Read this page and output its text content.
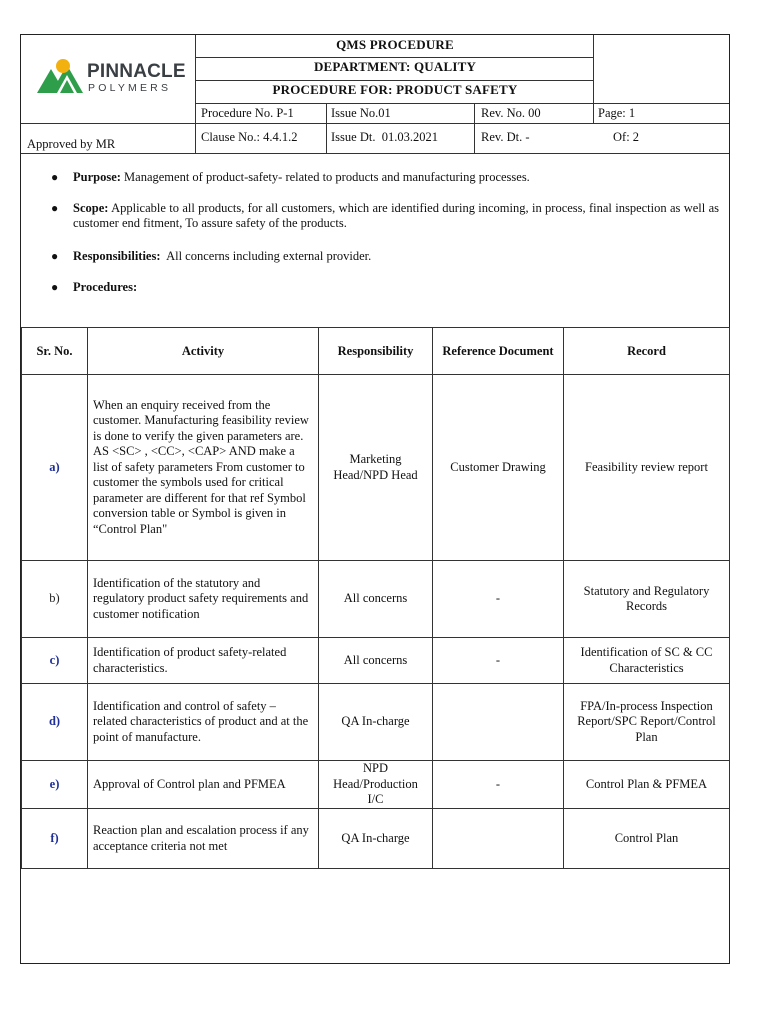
PINNACLE
POLYMERS
QMS PROCEDURE
DEPARTMENT: QUALITY
PROCEDURE FOR: PRODUCT SAFETY
Procedure No. P-1	Issue No.01	Rev. No. 00	Page: 1
Approved by MR	Clause No.: 4.4.1.2	Issue Dt.  01.03.2021	Rev. Dt. -	Of: 2
● Purpose: Management of product-safety- related to products and manufacturing processes.
● Scope: Applicable to all products, for all customers, which are identified during incoming, in process, final inspection as well as customer end fitment, To assure safety of the products.
● Responsibilities:  All concerns including external provider.
● Procedures:
Sr. No.	Activity	Responsibility	Reference Document	Record
a)	When an enquiry received from the customer. Manufacturing feasibility review is done to verify the given parameters are. AS <SC> , <CC>, <CAP> AND make a list of safety parameters From customer to customer the symbols used for critical parameter are different for that ref Symbol conversion table or Symbol is given in “Control Plan"	Marketing Head/NPD Head	Customer Drawing	Feasibility review report
b)	Identification of the statutory and regulatory product safety requirements and customer notification	All concerns	-	Statutory and Regulatory Records
c)	Identification of product safety-related characteristics.	All concerns	-	Identification of SC & CC Characteristics
d)	Identification and control of safety – related characteristics of product and at the point of manufacture.	QA In-charge		FPA/In-process Inspection Report/SPC Report/Control Plan
e)	Approval of Control plan and PFMEA	NPD Head/Production I/C	-	Control Plan & PFMEA
f)	Reaction plan and escalation process if any acceptance criteria not met	QA In-charge		Control Plan
